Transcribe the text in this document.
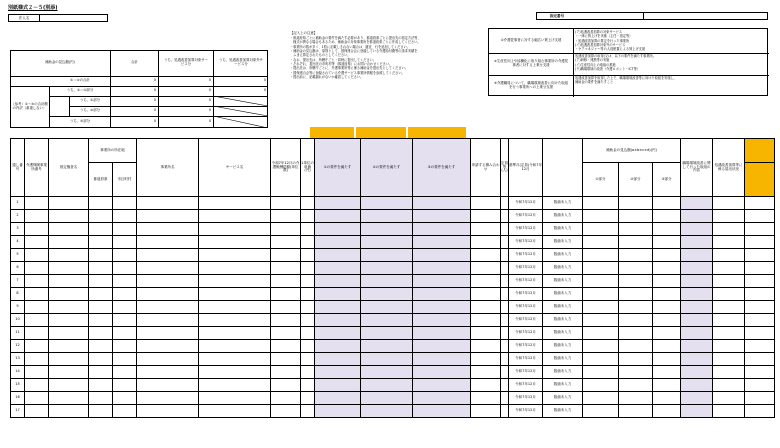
別紙様式２－５(別添)
法人名	指定番号
補助金の見込額(円)	合計	うち、処遇改善加算対象サービス分
うち、処遇改善加算対象外サービス分
①＝②の合計	0	0	0
うち、①＝①部分	0	0	0
うち、①部分	0	0
うち、②部分	0	0
うち、③部分	0	0
（参考）①～③の合計額の内訳（重複しない）
【記入上の注意】
・都道府県ごとに補助金の要件を満たす必要があり、都道府県ごとに提出先の指定方法等、
　様式が異なる場合もあるため、補助金の対象事業所を都道府県ごとに作成してください。
・事業所の数が多く、1枚に記載しきれない場合は、適宜、行を追加してください。
・補助金の見込額は、原則として、国保連合会に登録している介護給付費等の請求実績を
　ふまえ算定されたものとしてください。
・なお、提出先は、所轄庁ごと・同時に提出してください。
・それぞれ、提出先の市町村等（都道府県）にお問い合わせください。
・提出先は、所轄庁ごとに、介護事業所等に係る補助金を提出先としてください。
・国保連合会等に登録されている介護サービス事業所情報を参照してください。
・提出前に、記載漏れがないか確認してください。
①介護従事者に対する幅広い賃上げ支援
(ア)処遇改善加算の対象サービス
・一律に賃上げを実施（主任・指定等）
・処遇改善加算の算定を行った事業所
(イ)処遇改善加算対象外のサービス
・ケアマネジャー等の人員配置による賃上げ支援
②生産性向上や協働化に取り組む事業所の介護従事者に対する上乗せ支援
処遇改善加算の取得(又は、以下の要件を満たす事業所。
(ア)研修・連携等の実施
(イ)生産性向上の取組の推進
(ウ)職場環境の改善（介護ロボット・ICT等）
③介護職員について、職場環境改善に向けた取組を行う事業所への上乗せ支援
処遇改善加算を取得した上で、職場環境改善等に向けた取組を実施し、
補助金の要件を満たすこと
通し番号	介護保険事業所番号	指定権者名	事業所の所在地		事業所名	サービス名	令和7年12月の介護報酬総額(単位数)	1単位の単価(円)	①の要件を満たす	②の要件を満たす	③の要件を満たす	申請する積み合わせ	定員等(人)	基準月(定員)令和7年12月		補助金の見込額(a×b×c×d)(円)			職場環境改善に関して行った取組の内容	処遇改善加算等に係る届出状況	
			都道府県	市区町村												①部分	②部分	③部分			
1														令和7年12月	数値未入力						
2														令和7年12月	数値未入力						
3														令和7年12月	数値未入力						
4														令和7年12月	数値未入力						
5														令和7年12月	数値未入力						
6														令和7年12月	数値未入力						
7														令和7年12月	数値未入力						
8														令和7年12月	数値未入力						
9														令和7年12月	数値未入力						
10														令和7年12月	数値未入力						
11														令和7年12月	数値未入力						
12														令和7年12月	数値未入力						
13														令和7年12月	数値未入力						
14														令和7年12月	数値未入力						
15														令和7年12月	数値未入力						
16														令和7年12月	数値未入力						
17														令和7年12月	数値未入力						
